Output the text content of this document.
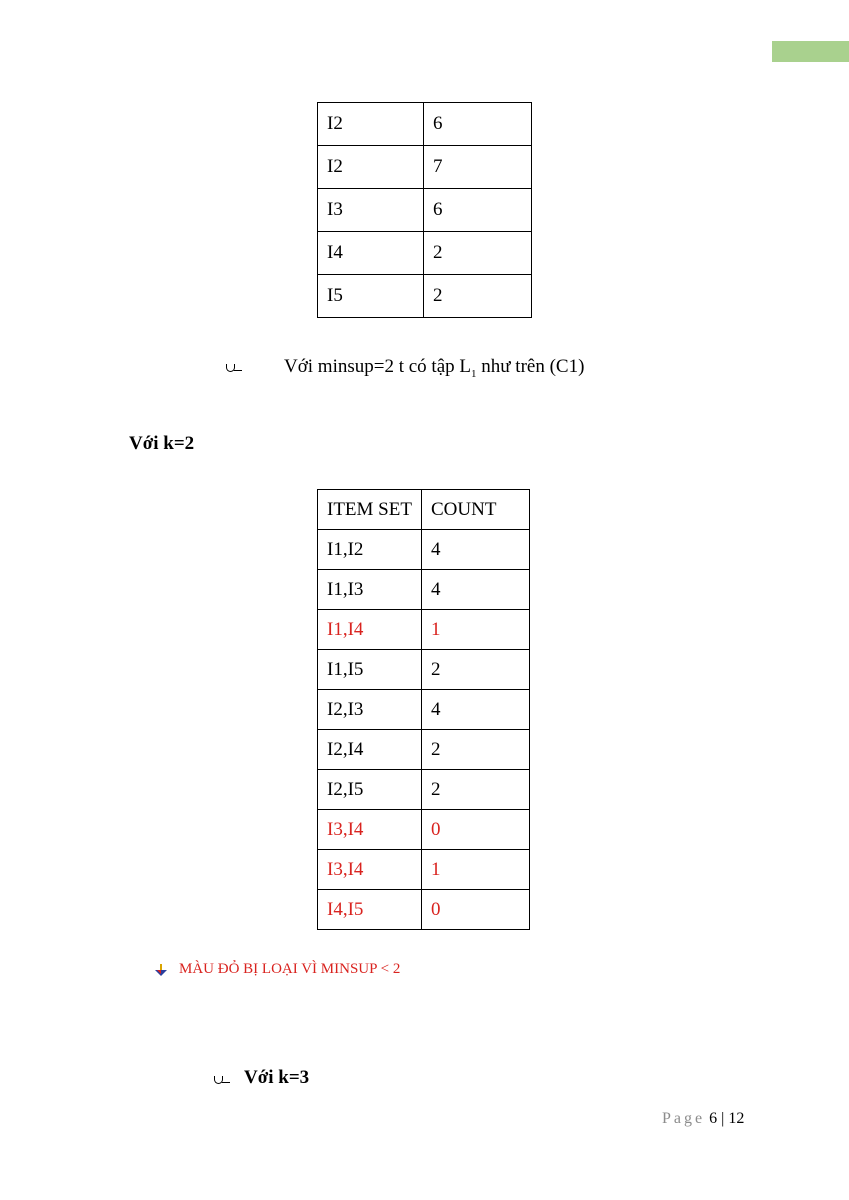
I2	6
I2	7
I3	6
I4	2
I5	2
Với minsup=2 t có tập $L_1$ như trên (C1)
Với k=2
ITEM SET	COUNT
I1,I2	4
I1,I3	4
I1,I4	1
I1,I5	2
I2,I3	4
I2,I4	2
I2,I5	2
I3,I4	0
I3,I4	1
I4,I5	0
MÀU ĐỎ BỊ LOẠI VÌ MINSUP < 2
Với k=3
Page 6 | 12
